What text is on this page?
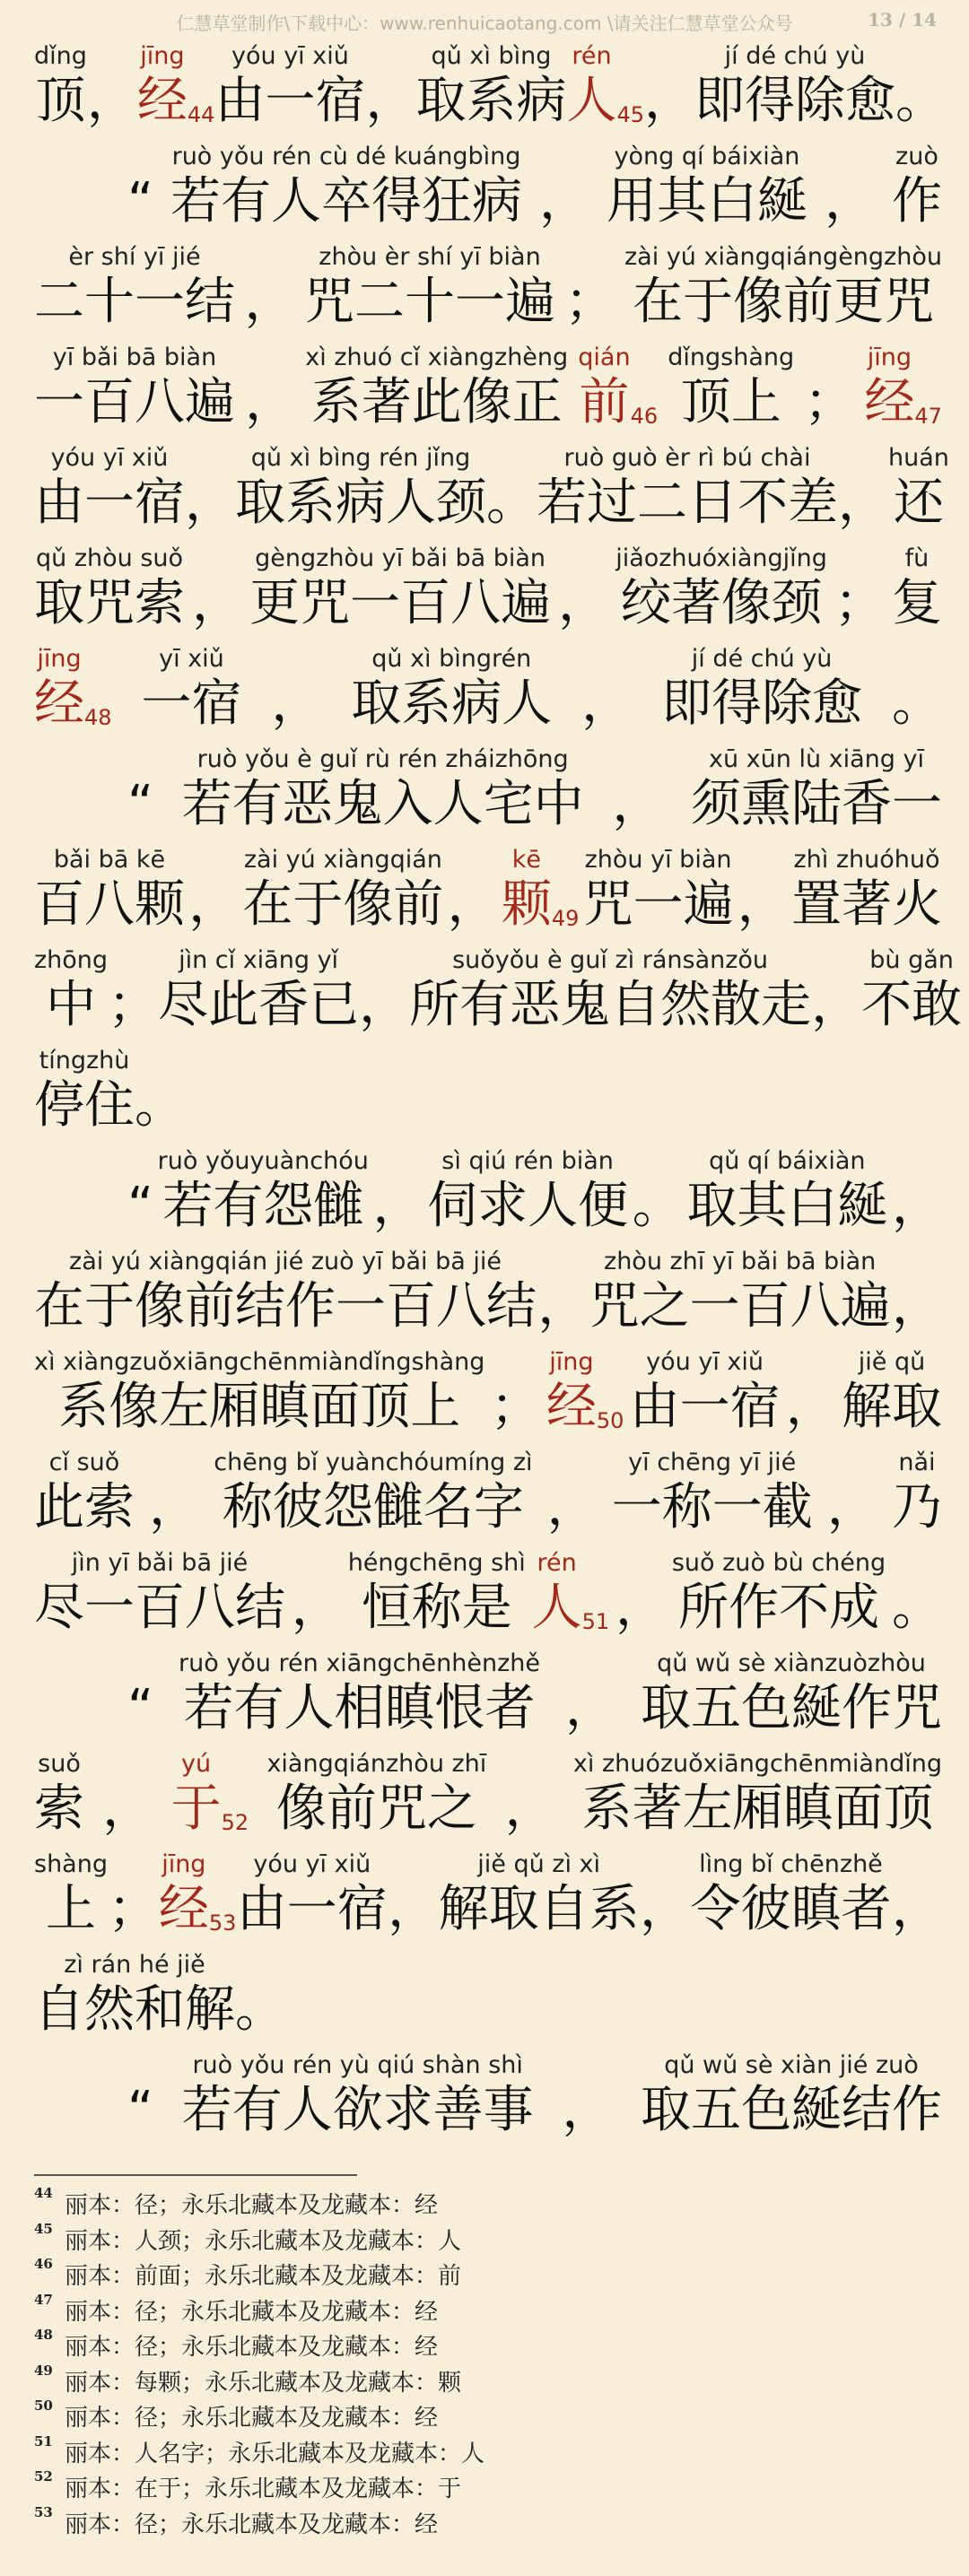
仁慧草堂制作\下载中心：www.renhuicaotang.com \请关注仁慧草堂公众号	13 / 14
dǐng
顶 ，
jīng
经 44
yóu yī xiǔ
由一宿 ，
qǔ xì bìng
取系病
rén
人 45 ，
jí dé chú yù
即得除愈 。
“
ruò yǒu rén cù dé kuángbìng
若有人卒得狂病 ，
yòng qí báixiàn
用其白綖 ，
zuò
作
èr shí yī jié
二十一结 ，
zhòu èr shí yī biàn
咒二十一遍 ；
zài yú xiàngqiángèngzhòu
在于像前更咒
yī bǎi bā biàn
一百八遍 ，
xì zhuó cǐ xiàngzhèng
系著此像正
qián
前 46
dǐngshàng
顶上 ；
jīng
经 47
yóu yī xiǔ
由一宿 ，
qǔ xì bìng rén jǐng
取系病人颈 。
ruò guò èr rì bú chài
若过二日不差 ，
huán
还
qǔ zhòu suǒ
取咒索 ，
gèngzhòu yī bǎi bā biàn
更咒一百八遍 ，
jiǎozhuóxiàngjǐng
绞著像颈 ；
fù
复
jīng
经 48
yī xiǔ
一宿 ，
qǔ xì bìngrén
取系病人 ，
jí dé chú yù
即得除愈 。
“
ruò yǒu è guǐ rù rén zháizhōng
若有恶鬼入人宅中 ，
xū xūn lù xiāng yī
须熏陆香一
bǎi bā kē
百八颗 ，
zài yú xiàngqián
在于像前 ，
kē
颗 49
zhòu yī biàn
咒一遍 ，
zhì zhuóhuǒ
置著火
zhōng
中 ；
jìn cǐ xiāng yǐ
尽此香已 ，
suǒyǒu è guǐ zì ránsànzǒu
所有恶鬼自然散走 ，
bù gǎn
不敢
tíngzhù
停住 。
“
ruò yǒuyuànchóu
若有怨雠 ，
sì qiú rén biàn
伺求人便 。
qǔ qí báixiàn
取其白綖 ，
zài yú xiàngqián jié zuò yī bǎi bā jié
在于像前结作一百八结 ，
zhòu zhī yī bǎi bā biàn
咒之一百八遍 ，
xì xiàngzuǒxiāngchēnmiàndǐngshàng
系像左厢瞋面顶上 ；
jīng
经 50
yóu yī xiǔ
由一宿 ，
jiě qǔ
解取
cǐ suǒ
此索 ，
chēng bǐ yuànchóumíng zì
称彼怨雠名字 ，
yī chēng yī jié
一称一截 ，
nǎi
乃
jìn yī bǎi bā jié
尽一百八结 ，
héngchēng shì
恒称是
rén
人 51 ，
suǒ zuò bù chéng
所作不成 。
“
ruò yǒu rén xiāngchēnhènzhě
若有人相瞋恨者 ，
qǔ wǔ sè xiànzuòzhòu
取五色綖作咒
suǒ
索 ，
yú
于 52
xiàngqiánzhòu zhī
像前咒之 ，
xì zhuózuǒxiāngchēnmiàndǐng
系著左厢瞋面顶
shàng
上 ；
jīng
经 53
yóu yī xiǔ
由一宿 ，
jiě qǔ zì xì
解取自系 ，
lìng bǐ chēnzhě
令彼瞋者 ，
zì rán hé jiě
自然和解 。
“
ruò yǒu rén yù qiú shàn shì
若有人欲求善事 ，
qǔ wǔ sè xiàn jié zuò
取五色綖结作
44 丽本：径；永乐北藏本及龙藏本：经
45 丽本：人颈；永乐北藏本及龙藏本：人
46 丽本：前面；永乐北藏本及龙藏本：前
47 丽本：径；永乐北藏本及龙藏本：经
48 丽本：径；永乐北藏本及龙藏本：经
49 丽本：每颗；永乐北藏本及龙藏本：颗
50 丽本：径；永乐北藏本及龙藏本：经
51 丽本：人名字；永乐北藏本及龙藏本：人
52 丽本：在于；永乐北藏本及龙藏本：于
53 丽本：径；永乐北藏本及龙藏本：经
